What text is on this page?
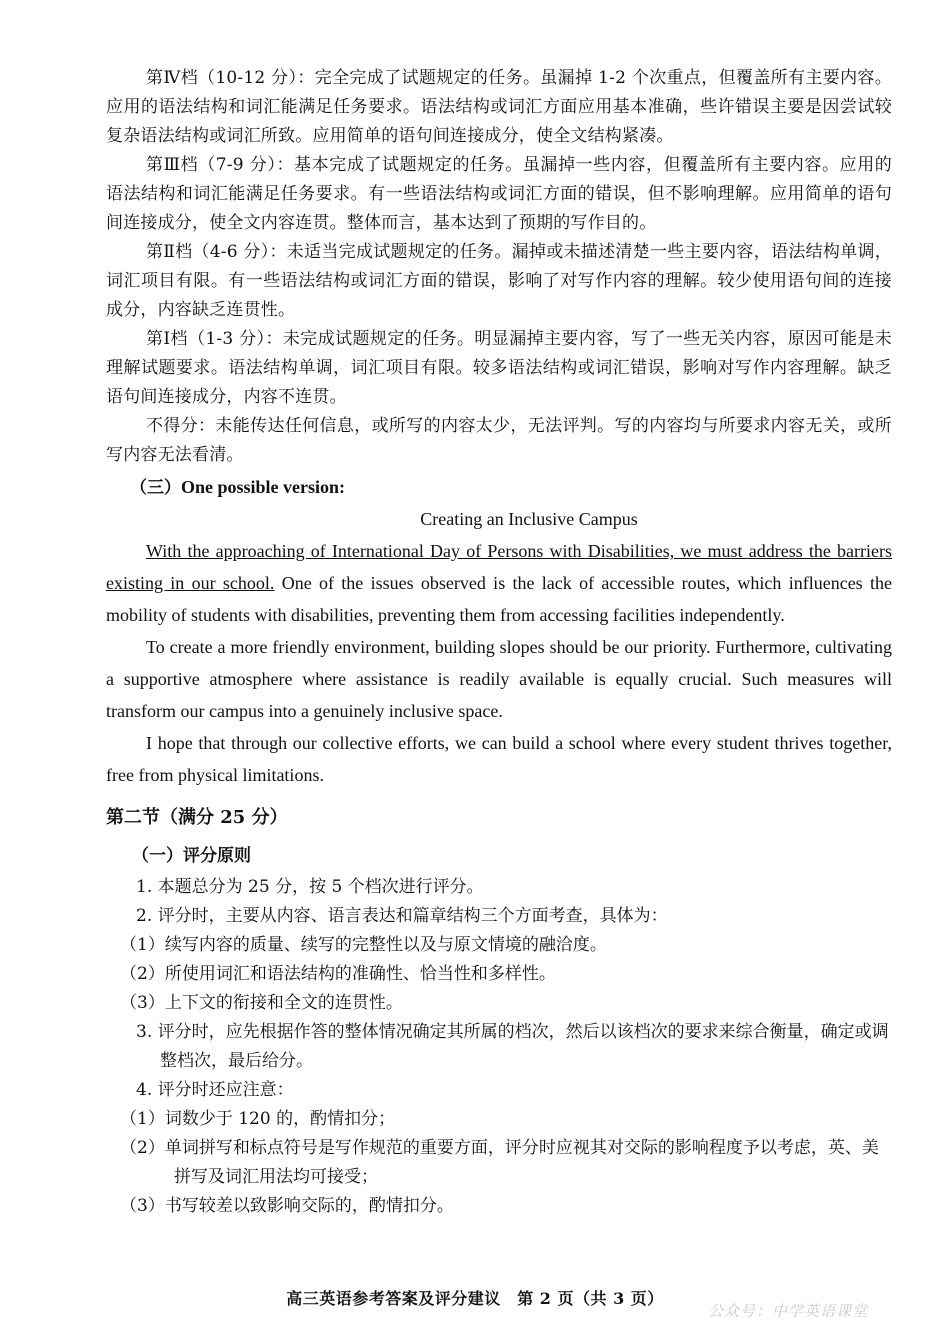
第Ⅳ档（10-12 分）：完全完成了试题规定的任务。虽漏掉 1-2 个次重点，但覆盖所有主要内容。应用的语法结构和词汇能满足任务要求。语法结构或词汇方面应用基本准确，些许错误主要是因尝试较复杂语法结构或词汇所致。应用简单的语句间连接成分，使全文结构紧凑。

第Ⅲ档（7-9 分）：基本完成了试题规定的任务。虽漏掉一些内容，但覆盖所有主要内容。应用的语法结构和词汇能满足任务要求。有一些语法结构或词汇方面的错误，但不影响理解。应用简单的语句间连接成分，使全文内容连贯。整体而言，基本达到了预期的写作目的。

第Ⅱ档（4-6 分）：未适当完成试题规定的任务。漏掉或未描述清楚一些主要内容，语法结构单调，词汇项目有限。有一些语法结构或词汇方面的错误，影响了对写作内容的理解。较少使用语句间的连接成分，内容缺乏连贯性。

第Ⅰ档（1-3 分）：未完成试题规定的任务。明显漏掉主要内容，写了一些无关内容，原因可能是未理解试题要求。语法结构单调，词汇项目有限。较多语法结构或词汇错误，影响对写作内容理解。缺乏语句间连接成分，内容不连贯。

不得分：未能传达任何信息，或所写的内容太少，无法评判。写的内容均与所要求内容无关，或所写内容无法看清。

（三）One possible version:
Creating an Inclusive Campus

With the approaching of International Day of Persons with Disabilities, we must address the barriers existing in our school. One of the issues observed is the lack of accessible routes, which influences the mobility of students with disabilities, preventing them from accessing facilities independently.

To create a more friendly environment, building slopes should be our priority. Furthermore, cultivating a supportive atmosphere where assistance is readily available is equally crucial. Such measures will transform our campus into a genuinely inclusive space.

I hope that through our collective efforts, we can build a school where every student thrives together, free from physical limitations.

第二节（满分 25 分）
（一）评分原则
1. 本题总分为 25 分，按 5 个档次进行评分。
2. 评分时，主要从内容、语言表达和篇章结构三个方面考查，具体为：
（1）续写内容的质量、续写的完整性以及与原文情境的融洽度。
（2）所使用词汇和语法结构的准确性、恰当性和多样性。
（3）上下文的衔接和全文的连贯性。
3. 评分时，应先根据作答的整体情况确定其所属的档次，然后以该档次的要求来综合衡量，确定或调整档次，最后给分。
4. 评分时还应注意：
（1）词数少于 120 的，酌情扣分；
（2）单词拼写和标点符号是写作规范的重要方面，评分时应视其对交际的影响程度予以考虑，英、美拼写及词汇用法均可接受；
（3）书写较差以致影响交际的，酌情扣分。
高三英语参考答案及评分建议　第 2 页（共 3 页）
公众号：中学英语课堂
